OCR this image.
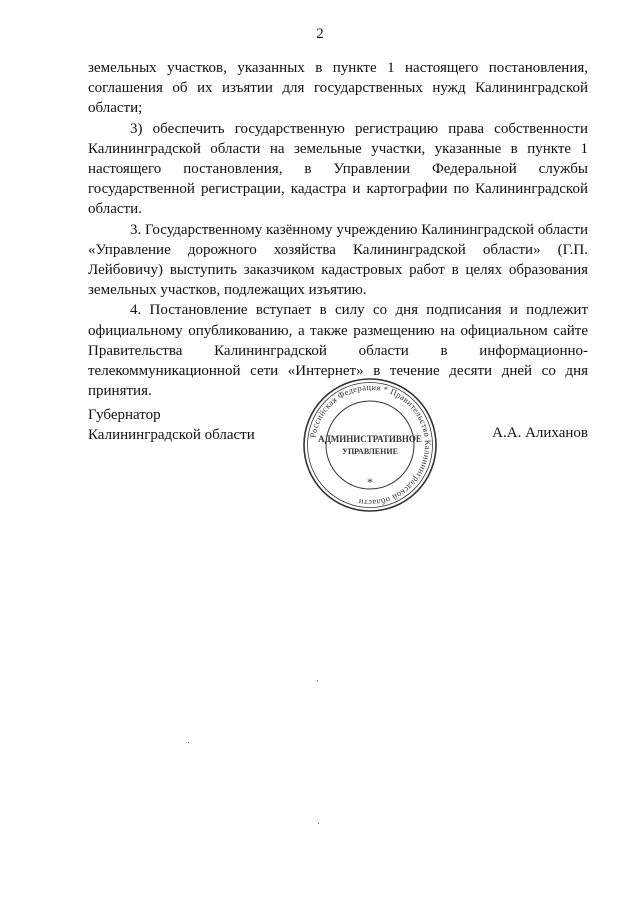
2

земельных участков, указанных в пункте 1 настоящего постановления, соглашения об их изъятии для государственных нужд Калининградской области;

3) обеспечить государственную регистрацию права собственности Калининградской области на земельные участки, указанные в пункте 1 настоящего постановления, в Управлении Федеральной службы государственной регистрации, кадастра и картографии по Калининградской области.

3. Государственному казённому учреждению Калининградской области «Управление дорожного хозяйства Калининградской области» (Г.П. Лейбовичу) выступить заказчиком кадастровых работ в целях образования земельных участков, подлежащих изъятию.

4. Постановление вступает в силу со дня подписания и подлежит официальному опубликованию, а также размещению на официальном сайте Правительства Калининградской области в информационно-телекоммуникационной сети «Интернет» в течение десяти дней со дня принятия.

Губернатор
Калининградской области	Российская Федерация * Правительство Калининградской области
АДМИНИСТРАТИВНОЕ
УПРАВЛЕНИЕ
*
А.А. Алиханов
